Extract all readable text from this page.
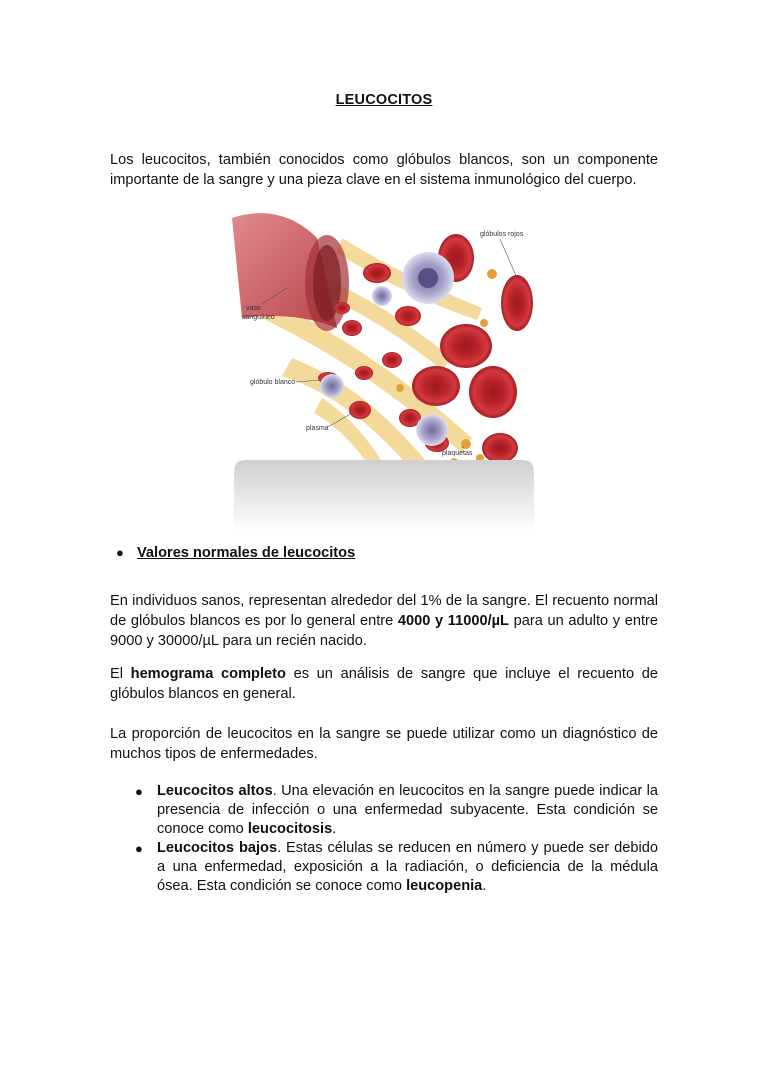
LEUCOCITOS

Los leucocitos, también conocidos como glóbulos blancos, son un componente importante de la sangre y una pieza clave en el sistema inmunológico del cuerpo.

glóbulos rojos
vaso
sanguíneo
glóbulo blanco
plasma
plaquetas
● Valores normales de leucocitos

En individuos sanos, representan alrededor del 1% de la sangre. El recuento normal de glóbulos blancos es por lo general entre 4000 y 11000/µL para un adulto y entre 9000 y 30000/µL para un recién nacido.

El hemograma completo es un análisis de sangre que incluye el recuento de glóbulos blancos en general.

La proporción de leucocitos en la sangre se puede utilizar como un diagnóstico de muchos tipos de enfermedades.

● Leucocitos altos. Una elevación en leucocitos en la sangre puede indicar la presencia de infección o una enfermedad subyacente. Esta condición se conoce como leucocitosis.
● Leucocitos bajos. Estas células se reducen en número y puede ser debido a una enfermedad, exposición a la radiación, o deficiencia de la médula ósea. Esta condición se conoce como leucopenia.
